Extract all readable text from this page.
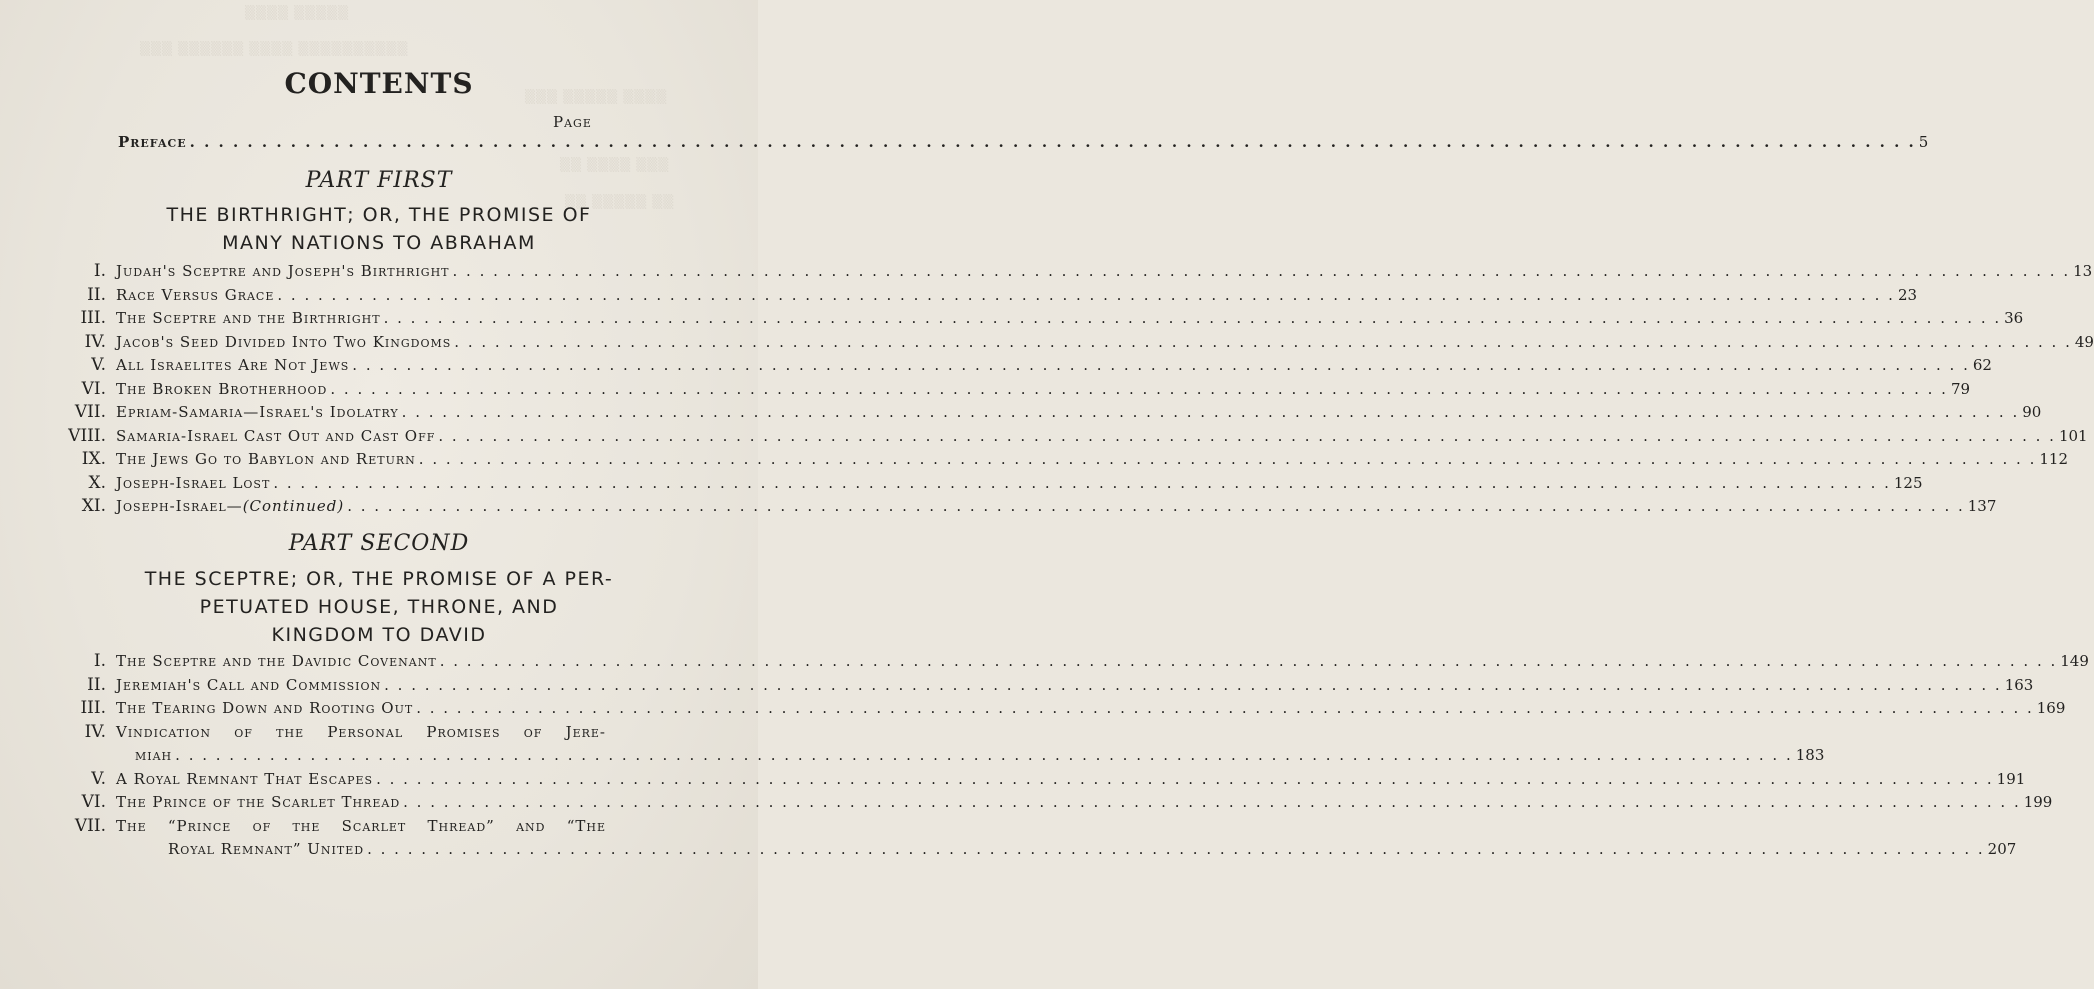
▒▒▒▒ ▒▒▒▒▒
▒▒▒ ▒▒▒▒▒▒ ▒▒▒▒ ▒▒▒▒▒▒▒▒▒▒
▒▒▒ ▒▒▒▒▒ ▒▒▒▒
▒▒ ▒▒▒▒ ▒▒▒
▒▒ ▒▒▒▒▒ ▒▒
CONTENTS
Page
Preface . . . . . . . . . . . . . . . . . . . . . . . . . . . . . . . . . . . . . . . . . . . . . . . . . . . . . . . . . . . . . . . . . . . . . . . . . . . . . . . . . . . . . . . . . . . . . . . . . . . . . . . . . . . . . . . . . . . . . . . . 5
PART FIRST
THE BIRTHRIGHT; OR, THE PROMISE OF
MANY NATIONS TO ABRAHAM
I. Judah's Sceptre and Joseph's Birthright . . . . . . . . . . . . . . . . . . . . . . . . . . . . . . . . . . . . . . . . . . . . . . . . . . . . . . . . . . . . . . . . . . . . . . . . . . . . . . . . . . . . . . . . . . . . . . . . . . . . . . . . . . . . . . . . . . . . . . . . 13
II. Race Versus Grace . . . . . . . . . . . . . . . . . . . . . . . . . . . . . . . . . . . . . . . . . . . . . . . . . . . . . . . . . . . . . . . . . . . . . . . . . . . . . . . . . . . . . . . . . . . . . . . . . . . . . . . . . . . . . . . . . . . . . . . . 23
III. The Sceptre and the Birthright . . . . . . . . . . . . . . . . . . . . . . . . . . . . . . . . . . . . . . . . . . . . . . . . . . . . . . . . . . . . . . . . . . . . . . . . . . . . . . . . . . . . . . . . . . . . . . . . . . . . . . . . . . . . . . . . . . . . . . . . 36
IV. Jacob's Seed Divided Into Two Kingdoms . . . . . . . . . . . . . . . . . . . . . . . . . . . . . . . . . . . . . . . . . . . . . . . . . . . . . . . . . . . . . . . . . . . . . . . . . . . . . . . . . . . . . . . . . . . . . . . . . . . . . . . . . . . . . . . . . . . . . . . . 49
V. All Israelites Are Not Jews . . . . . . . . . . . . . . . . . . . . . . . . . . . . . . . . . . . . . . . . . . . . . . . . . . . . . . . . . . . . . . . . . . . . . . . . . . . . . . . . . . . . . . . . . . . . . . . . . . . . . . . . . . . . . . . . . . . . . . . . 62
VI. The Broken Brotherhood . . . . . . . . . . . . . . . . . . . . . . . . . . . . . . . . . . . . . . . . . . . . . . . . . . . . . . . . . . . . . . . . . . . . . . . . . . . . . . . . . . . . . . . . . . . . . . . . . . . . . . . . . . . . . . . . . . . . . . . . 79
VII. Epriam-Samaria—Israel's Idolatry . . . . . . . . . . . . . . . . . . . . . . . . . . . . . . . . . . . . . . . . . . . . . . . . . . . . . . . . . . . . . . . . . . . . . . . . . . . . . . . . . . . . . . . . . . . . . . . . . . . . . . . . . . . . . . . . . . . . . . . . 90
VIII. Samaria-Israel Cast Out and Cast Off . . . . . . . . . . . . . . . . . . . . . . . . . . . . . . . . . . . . . . . . . . . . . . . . . . . . . . . . . . . . . . . . . . . . . . . . . . . . . . . . . . . . . . . . . . . . . . . . . . . . . . . . . . . . . . . . . . . . . . . . 101
IX. The Jews Go to Babylon and Return . . . . . . . . . . . . . . . . . . . . . . . . . . . . . . . . . . . . . . . . . . . . . . . . . . . . . . . . . . . . . . . . . . . . . . . . . . . . . . . . . . . . . . . . . . . . . . . . . . . . . . . . . . . . . . . . . . . . . . . . 112
X. Joseph-Israel Lost . . . . . . . . . . . . . . . . . . . . . . . . . . . . . . . . . . . . . . . . . . . . . . . . . . . . . . . . . . . . . . . . . . . . . . . . . . . . . . . . . . . . . . . . . . . . . . . . . . . . . . . . . . . . . . . . . . . . . . . . 125
XI. Joseph-Israel—(Continued) . . . . . . . . . . . . . . . . . . . . . . . . . . . . . . . . . . . . . . . . . . . . . . . . . . . . . . . . . . . . . . . . . . . . . . . . . . . . . . . . . . . . . . . . . . . . . . . . . . . . . . . . . . . . . . . . . . . . . . . . 137
PART SECOND
THE SCEPTRE; OR, THE PROMISE OF A PER-
PETUATED HOUSE, THRONE, AND
KINGDOM TO DAVID
I. The Sceptre and the Davidic Covenant . . . . . . . . . . . . . . . . . . . . . . . . . . . . . . . . . . . . . . . . . . . . . . . . . . . . . . . . . . . . . . . . . . . . . . . . . . . . . . . . . . . . . . . . . . . . . . . . . . . . . . . . . . . . . . . . . . . . . . . . 149
II. Jeremiah's Call and Commission . . . . . . . . . . . . . . . . . . . . . . . . . . . . . . . . . . . . . . . . . . . . . . . . . . . . . . . . . . . . . . . . . . . . . . . . . . . . . . . . . . . . . . . . . . . . . . . . . . . . . . . . . . . . . . . . . . . . . . . . 163
III. The Tearing Down and Rooting Out . . . . . . . . . . . . . . . . . . . . . . . . . . . . . . . . . . . . . . . . . . . . . . . . . . . . . . . . . . . . . . . . . . . . . . . . . . . . . . . . . . . . . . . . . . . . . . . . . . . . . . . . . . . . . . . . . . . . . . . . 169
IV. Vindication of the Personal Promises of Jere-
miah . . . . . . . . . . . . . . . . . . . . . . . . . . . . . . . . . . . . . . . . . . . . . . . . . . . . . . . . . . . . . . . . . . . . . . . . . . . . . . . . . . . . . . . . . . . . . . . . . . . . . . . . . . . . . . . . . . . . . . . . 183
V. A Royal Remnant That Escapes . . . . . . . . . . . . . . . . . . . . . . . . . . . . . . . . . . . . . . . . . . . . . . . . . . . . . . . . . . . . . . . . . . . . . . . . . . . . . . . . . . . . . . . . . . . . . . . . . . . . . . . . . . . . . . . . . . . . . . . . 191
VI. The Prince of the Scarlet Thread . . . . . . . . . . . . . . . . . . . . . . . . . . . . . . . . . . . . . . . . . . . . . . . . . . . . . . . . . . . . . . . . . . . . . . . . . . . . . . . . . . . . . . . . . . . . . . . . . . . . . . . . . . . . . . . . . . . . . . . . 199
VII. The “Prince of the Scarlet Thread” and “The
Royal Remnant” United . . . . . . . . . . . . . . . . . . . . . . . . . . . . . . . . . . . . . . . . . . . . . . . . . . . . . . . . . . . . . . . . . . . . . . . . . . . . . . . . . . . . . . . . . . . . . . . . . . . . . . . . . . . . . . . . . . . . . . . . 207
